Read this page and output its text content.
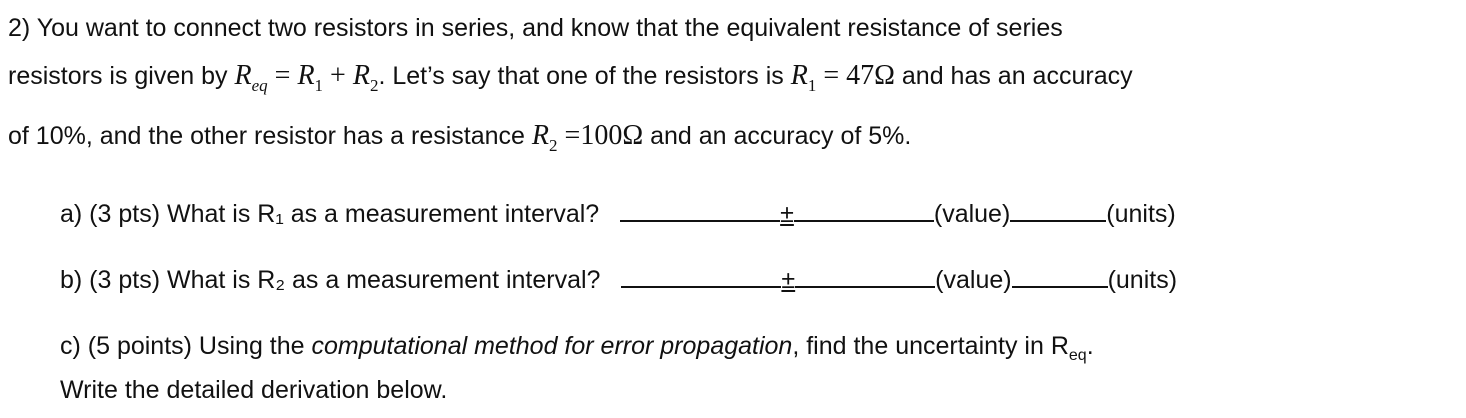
2) You want to connect two resistors in series, and know that the equivalent resistance of series
resistors is given by $R_{eq} = R_1 + R_2$. Let’s say that one of the resistors is $R_1 = 47\Omega$ and has an accuracy
of 10%, and the other resistor has a resistance $R_2 =100\Omega$ and an accuracy of 5%.
a) (3 pts) What is R₁ as a measurement interval?	±	(value)	(units)
b) (3 pts) What is R₂ as a measurement interval?	±	(value)	(units)
c) (5 points) Using the computational method for error propagation, find the uncertainty in $R_{eq}$.
Write the detailed derivation below.
